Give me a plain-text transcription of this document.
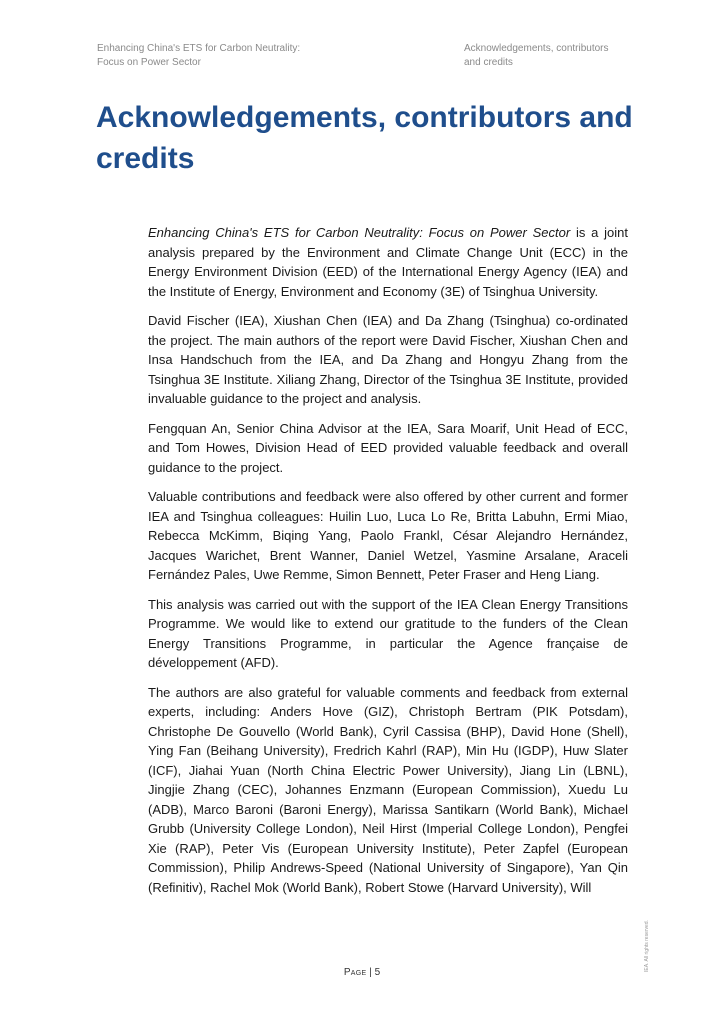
Enhancing China's ETS for Carbon Neutrality:
Focus on Power Sector
Acknowledgements, contributors
and credits
Acknowledgements, contributors and credits

Enhancing China's ETS for Carbon Neutrality: Focus on Power Sector is a joint analysis prepared by the Environment and Climate Change Unit (ECC) in the Energy Environment Division (EED) of the International Energy Agency (IEA) and the Institute of Energy, Environment and Economy (3E) of Tsinghua University.

David Fischer (IEA), Xiushan Chen (IEA) and Da Zhang (Tsinghua) co-ordinated the project. The main authors of the report were David Fischer, Xiushan Chen and Insa Handschuch from the IEA, and Da Zhang and Hongyu Zhang from the Tsinghua 3E Institute. Xiliang Zhang, Director of the Tsinghua 3E Institute, provided invaluable guidance to the project and analysis.

Fengquan An, Senior China Advisor at the IEA, Sara Moarif, Unit Head of ECC, and Tom Howes, Division Head of EED provided valuable feedback and overall guidance to the project.

Valuable contributions and feedback were also offered by other current and former IEA and Tsinghua colleagues: Huilin Luo, Luca Lo Re, Britta Labuhn, Ermi Miao, Rebecca McKimm, Biqing Yang, Paolo Frankl, César Alejandro Hernández, Jacques Warichet, Brent Wanner, Daniel Wetzel, Yasmine Arsalane, Araceli Fernández Pales, Uwe Remme, Simon Bennett, Peter Fraser and Heng Liang.

This analysis was carried out with the support of the IEA Clean Energy Transitions Programme. We would like to extend our gratitude to the funders of the Clean Energy Transitions Programme, in particular the Agence française de développement (AFD).

The authors are also grateful for valuable comments and feedback from external experts, including: Anders Hove (GIZ), Christoph Bertram (PIK Potsdam), Christophe De Gouvello (World Bank), Cyril Cassisa (BHP), David Hone (Shell), Ying Fan (Beihang University), Fredrich Kahrl (RAP), Min Hu (IGDP), Huw Slater (ICF), Jiahai Yuan (North China Electric Power University), Jiang Lin (LBNL), Jingjie Zhang (CEC), Johannes Enzmann (European Commission), Xuedu Lu (ADB), Marco Baroni (Baroni Energy), Marissa Santikarn (World Bank), Michael Grubb (University College London), Neil Hirst (Imperial College London), Pengfei Xie (RAP), Peter Vis (European University Institute), Peter Zapfel (European Commission), Philip Andrews-Speed (National University of Singapore), Yan Qin (Refinitiv), Rachel Mok (World Bank), Robert Stowe (Harvard University), Will

Page | 5
IEA. All rights reserved.
